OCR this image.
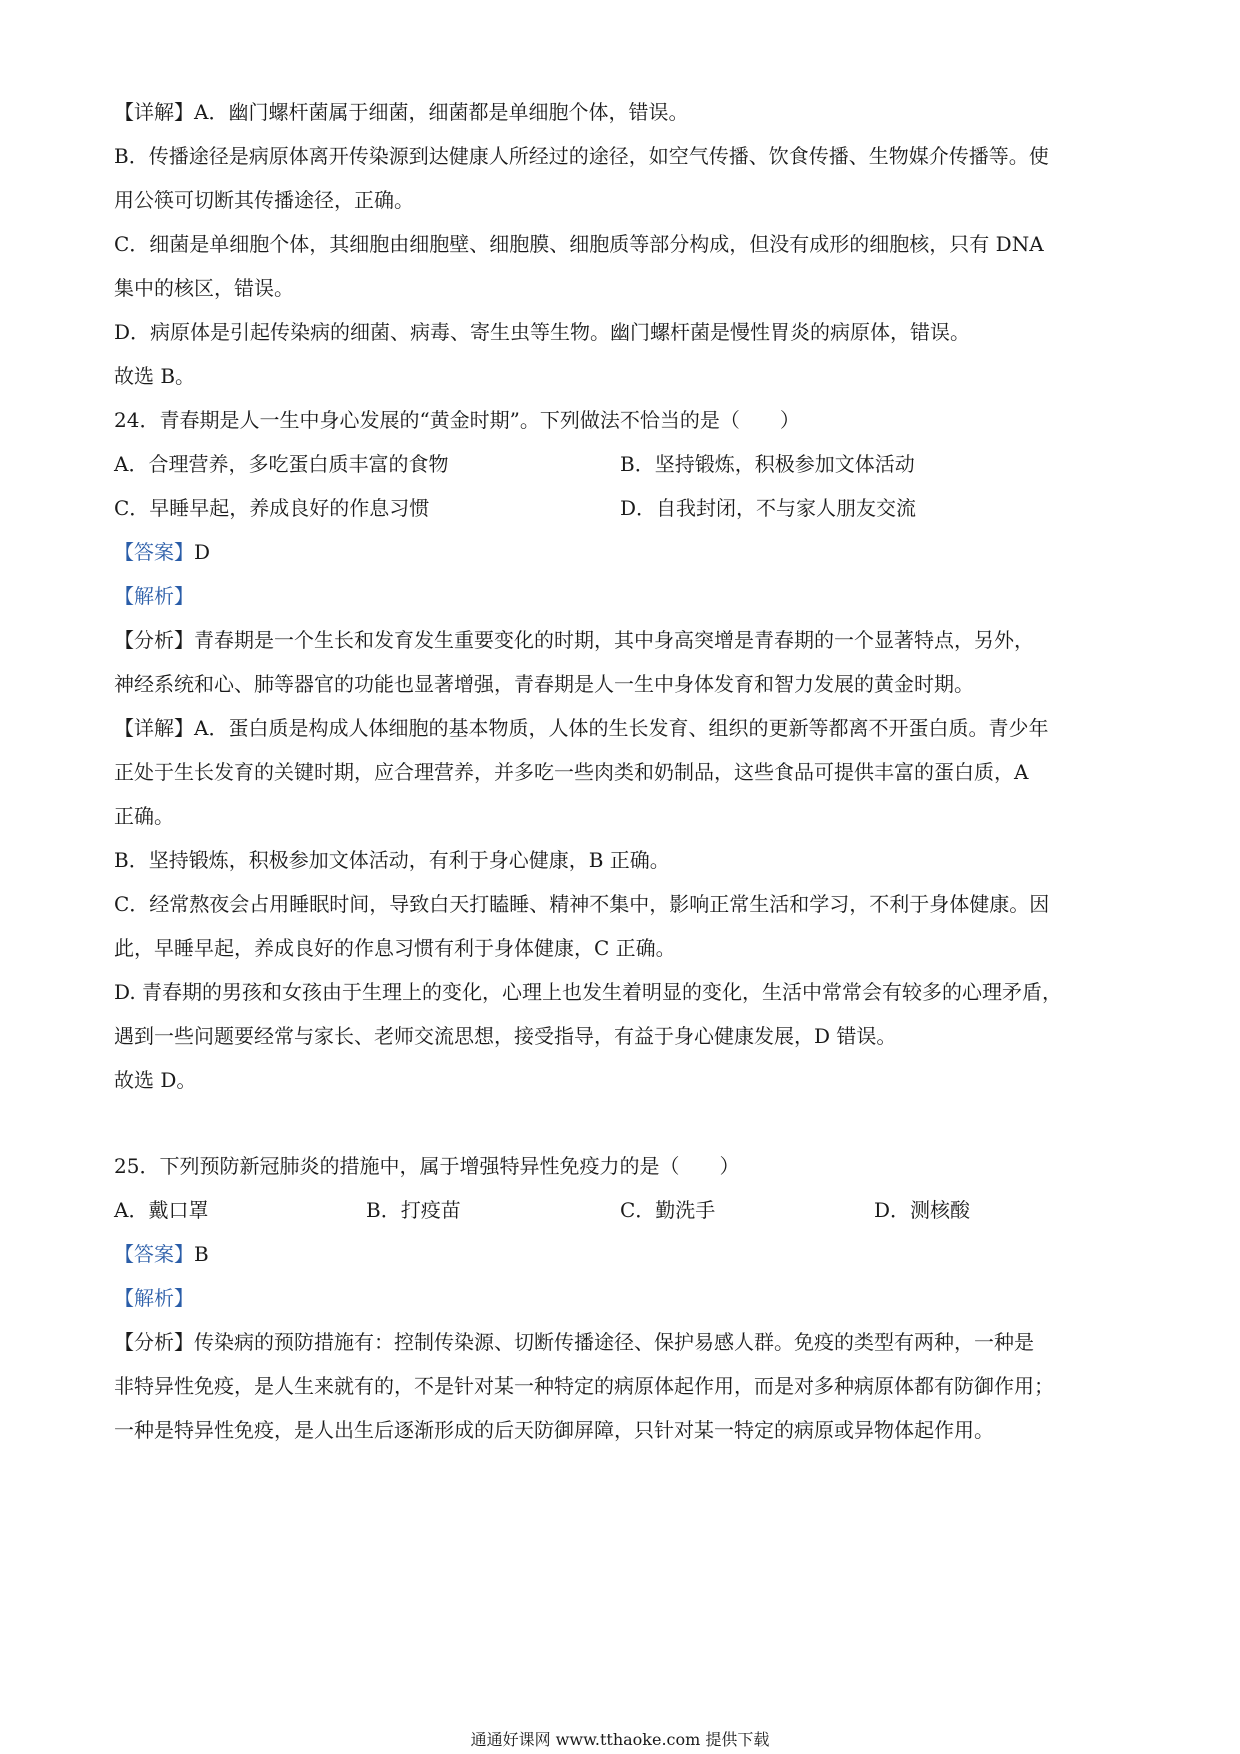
【详解】A．幽门螺杆菌属于细菌，细菌都是单细胞个体，错误。
B．传播途径是病原体离开传染源到达健康人所经过的途径，如空气传播、饮食传播、生物媒介传播等。使
用公筷可切断其传播途径，正确。
C．细菌是单细胞个体，其细胞由细胞壁、细胞膜、细胞质等部分构成，但没有成形的细胞核，只有 DNA
集中的核区，错误。
D．病原体是引起传染病的细菌、病毒、寄生虫等生物。幽门螺杆菌是慢性胃炎的病原体，错误。
故选 B。
24．青春期是人一生中身心发展的“黄金时期”。下列做法不恰当的是（　　）
A．合理营养，多吃蛋白质丰富的食物	B．坚持锻炼，积极参加文体活动
C．早睡早起，养成良好的作息习惯	D．自我封闭，不与家人朋友交流
【答案】D
【解析】
【分析】青春期是一个生长和发育发生重要变化的时期，其中身高突增是青春期的一个显著特点，另外，
神经系统和心、肺等器官的功能也显著增强，青春期是人一生中身体发育和智力发展的黄金时期。
【详解】A．蛋白质是构成人体细胞的基本物质，人体的生长发育、组织的更新等都离不开蛋白质。青少年
正处于生长发育的关键时期，应合理营养，并多吃一些肉类和奶制品，这些食品可提供丰富的蛋白质，A
正确。
B．坚持锻炼，积极参加文体活动，有利于身心健康，B 正确。
C．经常熬夜会占用睡眠时间，导致白天打瞌睡、精神不集中，影响正常生活和学习，不利于身体健康。因
此，早睡早起，养成良好的作息习惯有利于身体健康，C 正确。
D. 青春期的男孩和女孩由于生理上的变化，心理上也发生着明显的变化，生活中常常会有较多的心理矛盾，
遇到一些问题要经常与家长、老师交流思想，接受指导，有益于身心健康发展，D 错误。
故选 D。
25．下列预防新冠肺炎的措施中，属于增强特异性免疫力的是（　　）
A．戴口罩	B．打疫苗	C．勤洗手	D．测核酸
【答案】B
【解析】
【分析】传染病的预防措施有：控制传染源、切断传播途径、保护易感人群。免疫的类型有两种，一种是
非特异性免疫，是人生来就有的，不是针对某一种特定的病原体起作用，而是对多种病原体都有防御作用；
一种是特异性免疫，是人出生后逐渐形成的后天防御屏障，只针对某一特定的病原或异物体起作用。
通通好课网 www.tthaoke.com 提供下载
